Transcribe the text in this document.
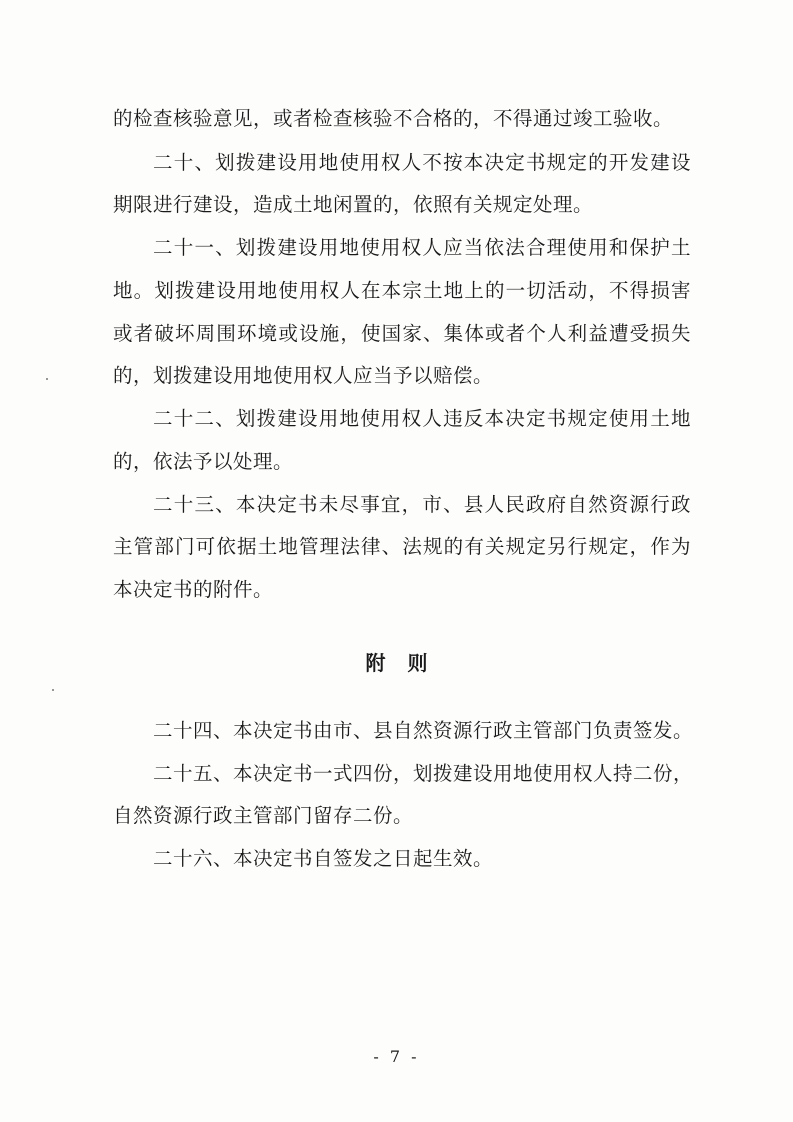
的检查核验意见，或者检查核验不合格的，不得通过竣工验收。
二十、划拨建设用地使用权人不按本决定书规定的开发建设
期限进行建设，造成土地闲置的，依照有关规定处理。
二十一、划拨建设用地使用权人应当依法合理使用和保护土
地。划拨建设用地使用权人在本宗土地上的一切活动，不得损害
或者破坏周围环境或设施，使国家、集体或者个人利益遭受损失
的，划拨建设用地使用权人应当予以赔偿。
二十二、划拨建设用地使用权人违反本决定书规定使用土地
的，依法予以处理。
二十三、本决定书未尽事宜，市、县人民政府自然资源行政
主管部门可依据土地管理法律、法规的有关规定另行规定，作为
本决定书的附件。
附则
二十四、本决定书由市、县自然资源行政主管部门负责签发。
二十五、本决定书一式四份，划拨建设用地使用权人持二份，
自然资源行政主管部门留存二份。
二十六、本决定书自签发之日起生效。
- 7 -
